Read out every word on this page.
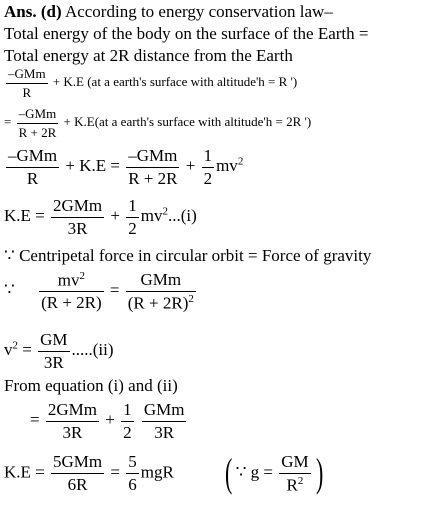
Ans. (d) According to energy conservation law–
Total energy of the body on the surface of the Earth =
Total energy at 2R distance from the Earth
–GMm
R
+ K.E (at a earth's surface with altitude'h = R ')
=
–GMm
R + 2R
+ K.E(at a earth's surface with altitude'h = 2R ')
–GMm
R
+ K.E =
–GMm
R + 2R
+ $\frac{1}{2} mv^2$
K.E =
2GMm
3R
+ $\frac{1}{2} mv^2...(i)$
∵ Centripetal force in circular orbit = Force of gravity
∵ $\frac{mv^2}{(R + 2R)}$ =
GMm
$(R + 2R)^2$
$v^2 = \frac{GM}{3R} .....(ii)$
From equation (i) and (ii)
=
2GMm
3R
+ $\frac{1}{2}$
GMm
3R
K.E =
5GMm
6R
= $\frac{5}{6}$ mgR ( ∵ $g = \frac{GM}{R^2}$ )
